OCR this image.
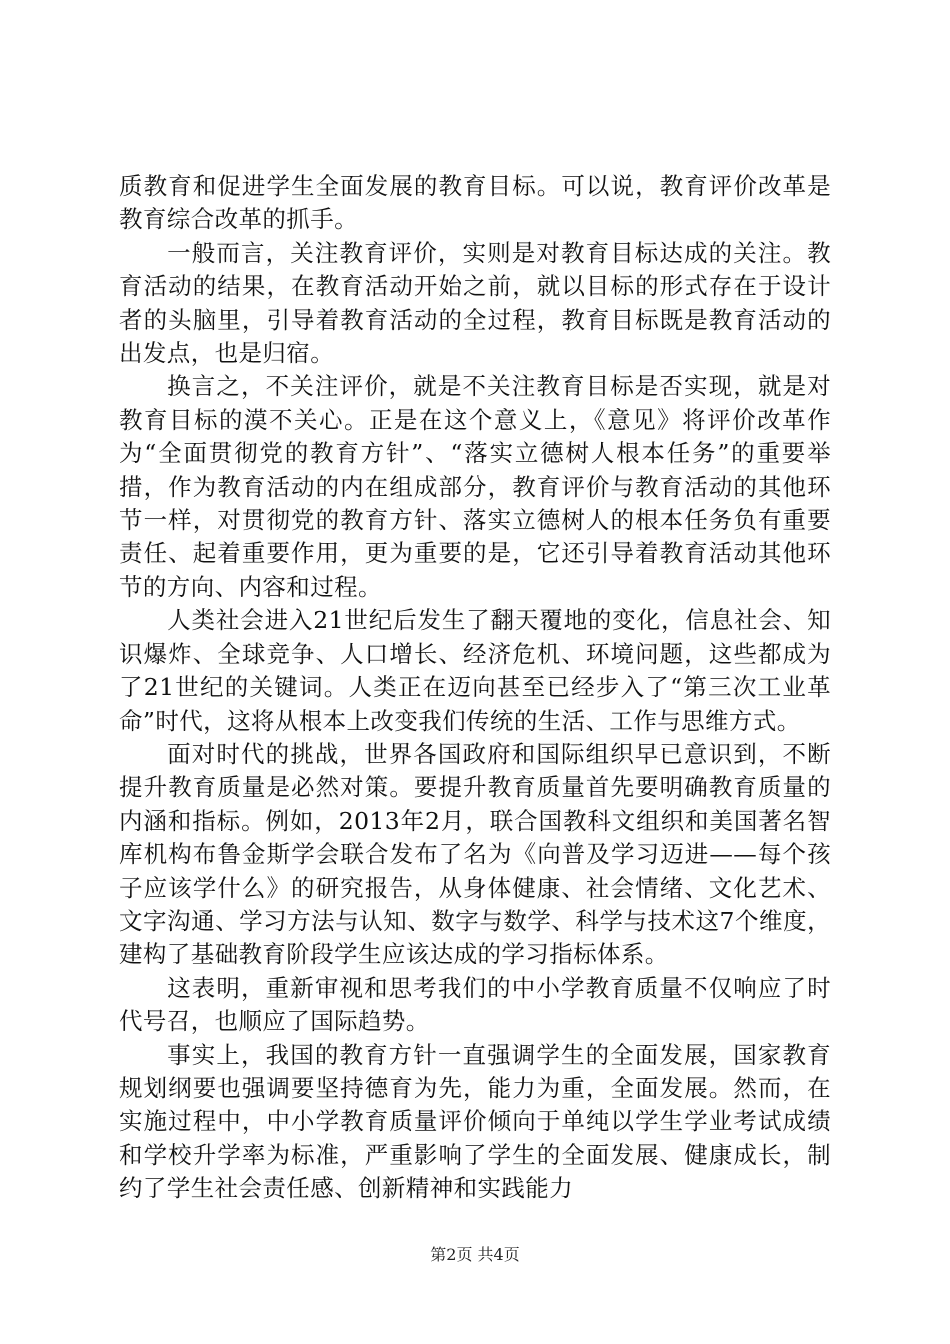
质教育和促进学生全面发展的教育目标。可以说，教育评价改革是教育综合改革的抓手。

一般而言，关注教育评价，实则是对教育目标达成的关注。教育活动的结果，在教育活动开始之前，就以目标的形式存在于设计者的头脑里，引导着教育活动的全过程，教育目标既是教育活动的出发点，也是归宿。

换言之，不关注评价，就是不关注教育目标是否实现，就是对教育目标的漠不关心。正是在这个意义上，《意见》将评价改革作为“全面贯彻党的教育方针”、“落实立德树人根本任务”的重要举措，作为教育活动的内在组成部分，教育评价与教育活动的其他环节一样，对贯彻党的教育方针、落实立德树人的根本任务负有重要责任、起着重要作用，更为重要的是，它还引导着教育活动其他环节的方向、内容和过程。

人类社会进入21世纪后发生了翻天覆地的变化，信息社会、知识爆炸、全球竞争、人口增长、经济危机、环境问题，这些都成为了21世纪的关键词。人类正在迈向甚至已经步入了“第三次工业革命”时代，这将从根本上改变我们传统的生活、工作与思维方式。

面对时代的挑战，世界各国政府和国际组织早已意识到，不断提升教育质量是必然对策。要提升教育质量首先要明确教育质量的内涵和指标。例如，2013年2月，联合国教科文组织和美国著名智库机构布鲁金斯学会联合发布了名为《向普及学习迈进——每个孩子应该学什么》的研究报告，从身体健康、社会情绪、文化艺术、文字沟通、学习方法与认知、数字与数学、科学与技术这7个维度，建构了基础教育阶段学生应该达成的学习指标体系。

这表明，重新审视和思考我们的中小学教育质量不仅响应了时代号召，也顺应了国际趋势。

事实上，我国的教育方针一直强调学生的全面发展，国家教育规划纲要也强调要坚持德育为先，能力为重，全面发展。然而，在实施过程中，中小学教育质量评价倾向于单纯以学生学业考试成绩和学校升学率为标准，严重影响了学生的全面发展、健康成长，制约了学生社会责任感、创新精神和实践能力

第2页 共4页
